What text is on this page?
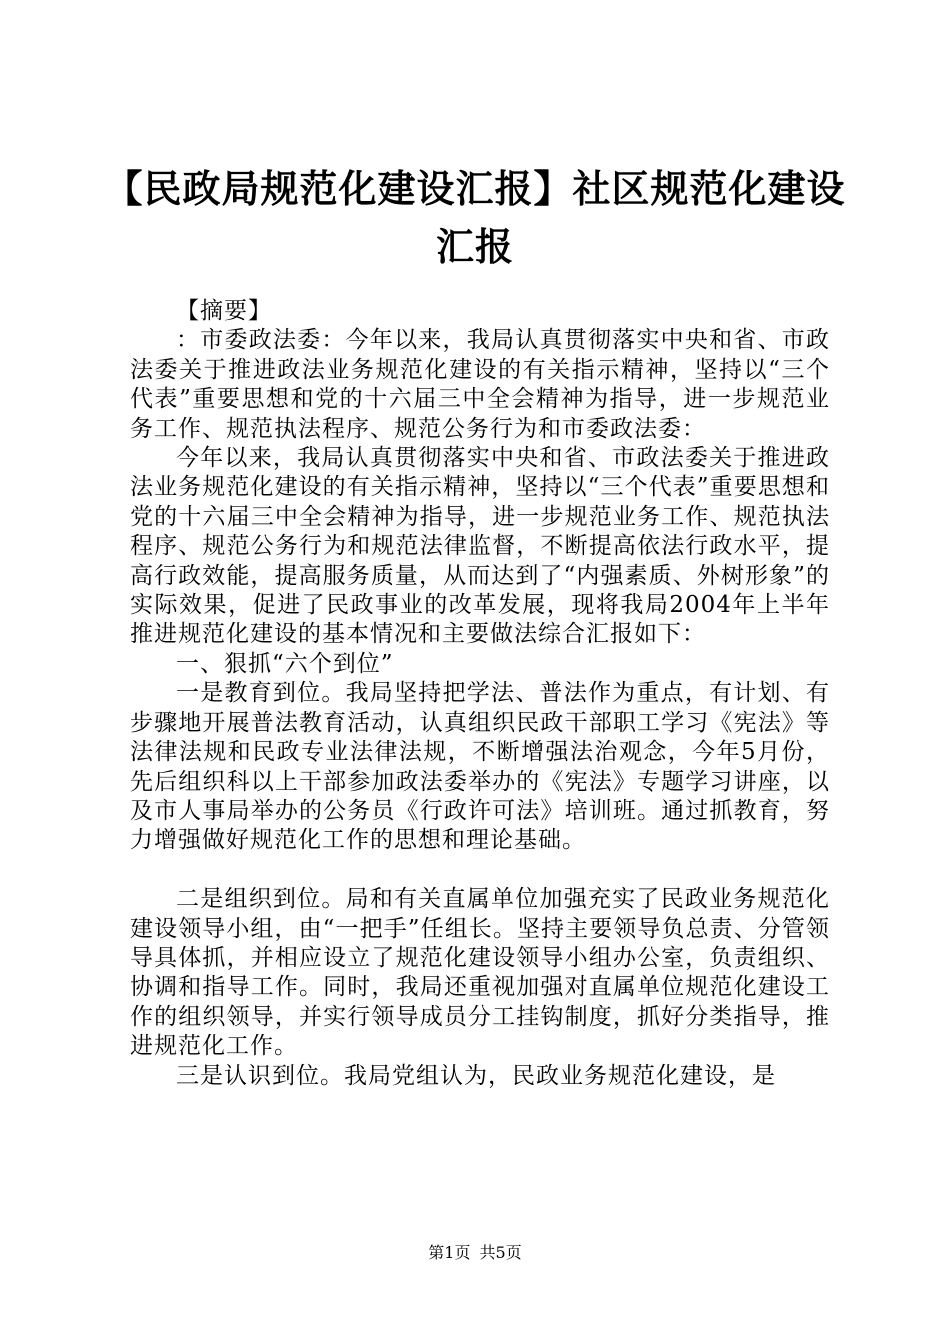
【民政局规范化建设汇报】社区规范化建设汇报

【摘要】

：市委政法委：今年以来，我局认真贯彻落实中央和省、市政法委关于推进政法业务规范化建设的有关指示精神，坚持以“三个代表”重要思想和党的十六届三中全会精神为指导，进一步规范业务工作、规范执法程序、规范公务行为和市委政法委：

今年以来，我局认真贯彻落实中央和省、市政法委关于推进政法业务规范化建设的有关指示精神，坚持以“三个代表”重要思想和党的十六届三中全会精神为指导，进一步规范业务工作、规范执法程序、规范公务行为和规范法律监督，不断提高依法行政水平，提高行政效能，提高服务质量，从而达到了“内强素质、外树形象”的实际效果，促进了民政事业的改革发展，现将我局2004年上半年推进规范化建设的基本情况和主要做法综合汇报如下：

一、狠抓“六个到位”

一是教育到位。我局坚持把学法、普法作为重点，有计划、有步骤地开展普法教育活动，认真组织民政干部职工学习《宪法》等法律法规和民政专业法律法规，不断增强法治观念，今年5月份，先后组织科以上干部参加政法委举办的《宪法》专题学习讲座，以及市人事局举办的公务员《行政许可法》培训班。通过抓教育，努力增强做好规范化工作的思想和理论基础。

二是组织到位。局和有关直属单位加强充实了民政业务规范化建设领导小组，由“一把手”任组长。坚持主要领导负总责、分管领导具体抓，并相应设立了规范化建设领导小组办公室，负责组织、协调和指导工作。同时，我局还重视加强对直属单位规范化建设工作的组织领导，并实行领导成员分工挂钩制度，抓好分类指导，推进规范化工作。

三是认识到位。我局党组认为，民政业务规范化建设，是

第1页 共5页
